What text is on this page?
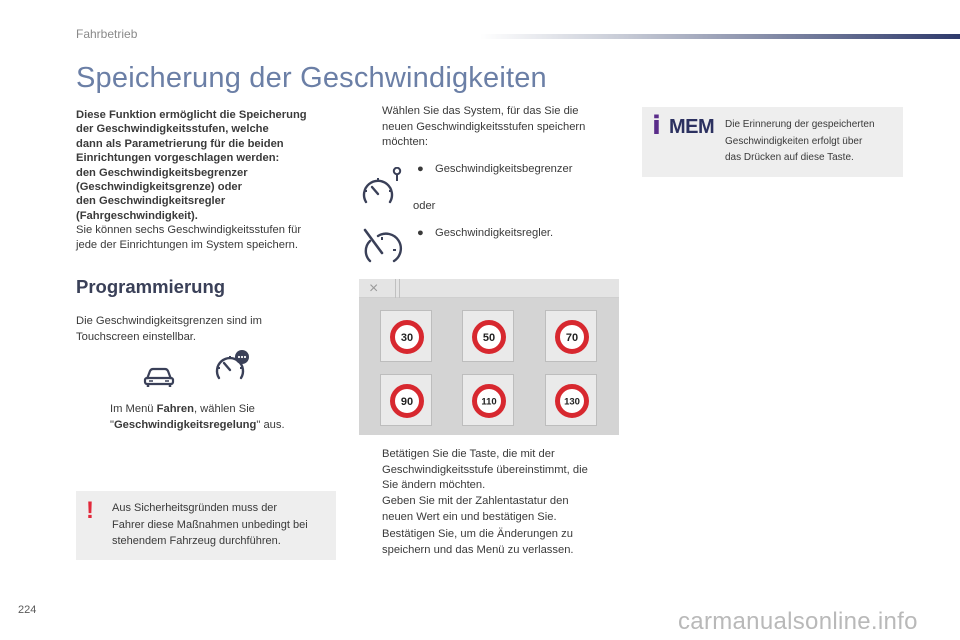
Fahrbetrieb
Speicherung der Geschwindigkeiten
Diese Funktion ermöglicht die Speicherung
der Geschwindigkeitsstufen, welche
dann als Parametrierung für die beiden
Einrichtungen vorgeschlagen werden:
den Geschwindigkeitsbegrenzer
(Geschwindigkeitsgrenze) oder
den Geschwindigkeitsregler
(Fahrgeschwindigkeit).
Sie können sechs Geschwindigkeitsstufen für
jede der Einrichtungen im System speichern.
Programmierung
Die Geschwindigkeitsgrenzen sind im
Touchscreen einstellbar.
Im Menü Fahren, wählen Sie
"Geschwindigkeitsregelung" aus.
! Aus Sicherheitsgründen muss der
Fahrer diese Maßnahmen unbedingt bei
stehendem Fahrzeug durchführen.
Wählen Sie das System, für das Sie die
neuen Geschwindigkeitsstufen speichern
möchten:
● Geschwindigkeitsbegrenzer
oder
● Geschwindigkeitsregler.
×
30	50	70
90	110	130
Betätigen Sie die Taste, die mit der
Geschwindigkeitsstufe übereinstimmt, die
Sie ändern möchten.
Geben Sie mit der Zahlentastatur den
neuen Wert ein und bestätigen Sie.
Bestätigen Sie, um die Änderungen zu
speichern und das Menü zu verlassen.
i MEM Die Erinnerung der gespeicherten
Geschwindigkeiten erfolgt über
das Drücken auf diese Taste.
224	carmanualsonline.info
